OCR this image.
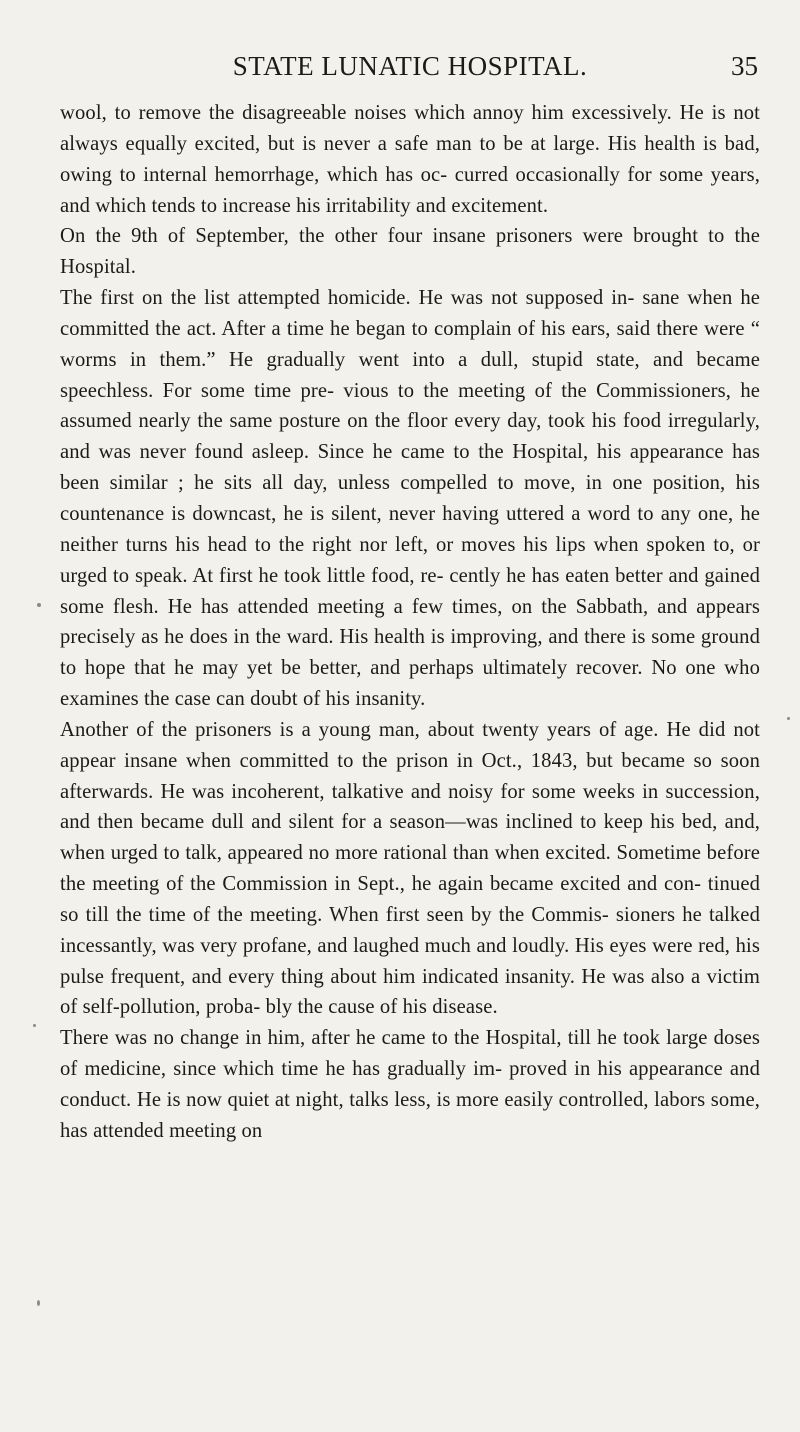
STATE LUNATIC HOSPITAL.	35

wool, to remove the disagreeable noises which annoy him excessively. He is not always equally excited, but is never a safe man to be at large. His health is bad, owing to internal hemorrhage, which has oc- curred occasionally for some years, and which tends to increase his irritability and excitement.

On the 9th of September, the other four insane prisoners were brought to the Hospital.

The first on the list attempted homicide. He was not supposed in- sane when he committed the act. After a time he began to complain of his ears, said there were “ worms in them.” He gradually went into a dull, stupid state, and became speechless. For some time pre- vious to the meeting of the Commissioners, he assumed nearly the same posture on the floor every day, took his food irregularly, and was never found asleep. Since he came to the Hospital, his appearance has been similar ; he sits all day, unless compelled to move, in one position, his countenance is downcast, he is silent, never having uttered a word to any one, he neither turns his head to the right nor left, or moves his lips when spoken to, or urged to speak. At first he took little food, re- cently he has eaten better and gained some flesh. He has attended meeting a few times, on the Sabbath, and appears precisely as he does in the ward. His health is improving, and there is some ground to hope that he may yet be better, and perhaps ultimately recover. No one who examines the case can doubt of his insanity.

Another of the prisoners is a young man, about twenty years of age. He did not appear insane when committed to the prison in Oct., 1843, but became so soon afterwards. He was incoherent, talkative and noisy for some weeks in succession, and then became dull and silent for a season—was inclined to keep his bed, and, when urged to talk, appeared no more rational than when excited. Sometime before the meeting of the Commission in Sept., he again became excited and con- tinued so till the time of the meeting. When first seen by the Commis- sioners he talked incessantly, was very profane, and laughed much and loudly. His eyes were red, his pulse frequent, and every thing about him indicated insanity. He was also a victim of self-pollution, proba- bly the cause of his disease.

There was no change in him, after he came to the Hospital, till he took large doses of medicine, since which time he has gradually im- proved in his appearance and conduct. He is now quiet at night, talks less, is more easily controlled, labors some, has attended meeting on
